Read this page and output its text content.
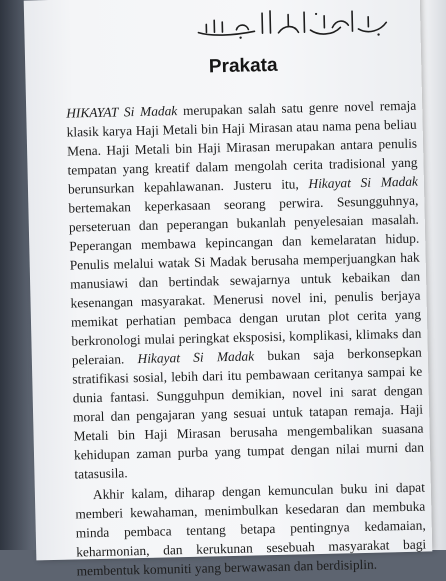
Prakata

HIKAYAT Si Madak merupakan salah satu genre novel remaja klasik karya Haji Metali bin Haji Mirasan atau nama pena beliau Mena. Haji Metali bin Haji Mirasan merupakan antara penulis tempatan yang kreatif dalam mengolah cerita tradisional yang berunsurkan kepahlawanan. Justeru itu, Hikayat Si Madak bertemakan keperkasaan seorang perwira. Sesungguhnya, perseteruan dan peperangan bukanlah penyelesaian masalah. Peperangan membawa kepincangan dan kemelaratan hidup. Penulis melalui watak Si Madak berusaha memperjuangkan hak manusiawi dan bertindak sewajarnya untuk kebaikan dan kesenangan masyarakat. Menerusi novel ini, penulis berjaya memikat perhatian pembaca dengan urutan plot cerita yang berkronologi mulai peringkat eksposisi, komplikasi, klimaks dan peleraian. Hikayat Si Madak bukan saja berkonsepkan stratifikasi sosial, lebih dari itu pembawaan ceritanya sampai ke dunia fantasi. Sungguhpun demikian, novel ini sarat dengan moral dan pengajaran yang sesuai untuk tatapan remaja. Haji Metali bin Haji Mirasan berusaha mengembalikan suasana kehidupan zaman purba yang tumpat dengan nilai murni dan tatasusila.

Akhir kalam, diharap dengan kemunculan buku ini dapat memberi kewahaman, menimbulkan kesedaran dan membuka minda pembaca tentang betapa pentingnya kedamaian, keharmonian, dan kerukunan sesebuah masyarakat bagi membentuk komuniti yang berwawasan dan berdisiplin.
